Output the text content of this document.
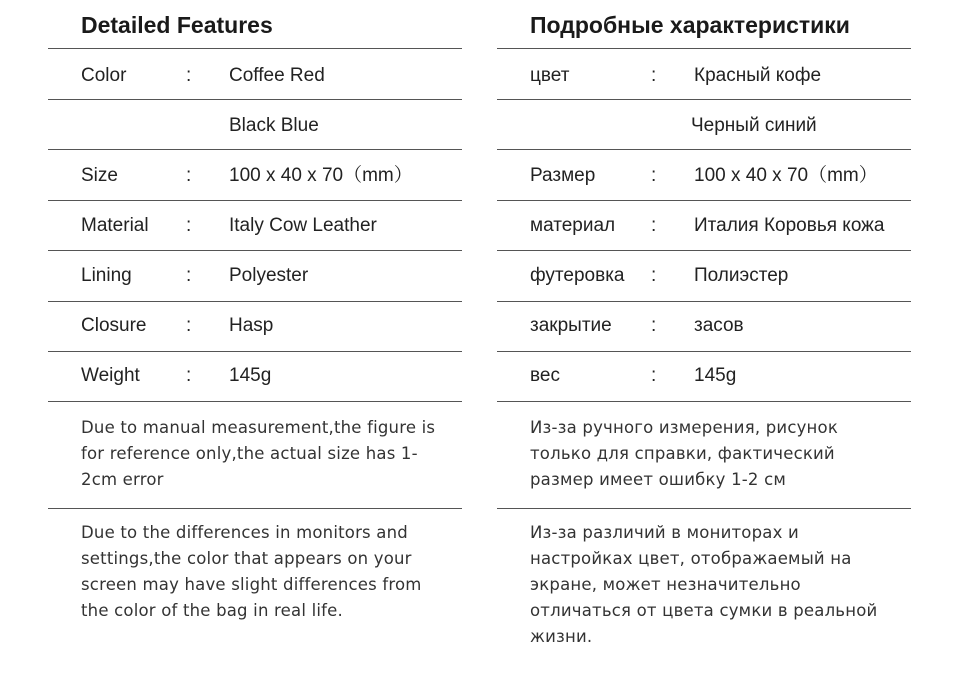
Detailed Features
Color	: Coffee Red
Black Blue
Size	: 100 x 40 x 70（mm）
Material : Italy Cow Leather
Lining	: Polyester
Closure : Hasp
Weight : 145g
Due to manual measurement,the figure is for reference only,the actual size has 1-2cm error
Due to the differences in monitors and settings,the color that appears on your screen may have slight differences from the color of the bag in real life.
Подробные характеристики
цвет	: Красный кофе
Черный синий
Размер	: 100 x 40 x 70（mm）
материал : Италия Коровья кожа
футеровка : Полиэстер
закрытие : засов
вес	: 145g
Из-за ручного измерения, рисунок только для справки, фактический размер имеет ошибку 1-2 см
Из-за различий в мониторах и настройках цвет, отображаемый на экране, может незначительно отличаться от цвета сумки в реальной жизни.
